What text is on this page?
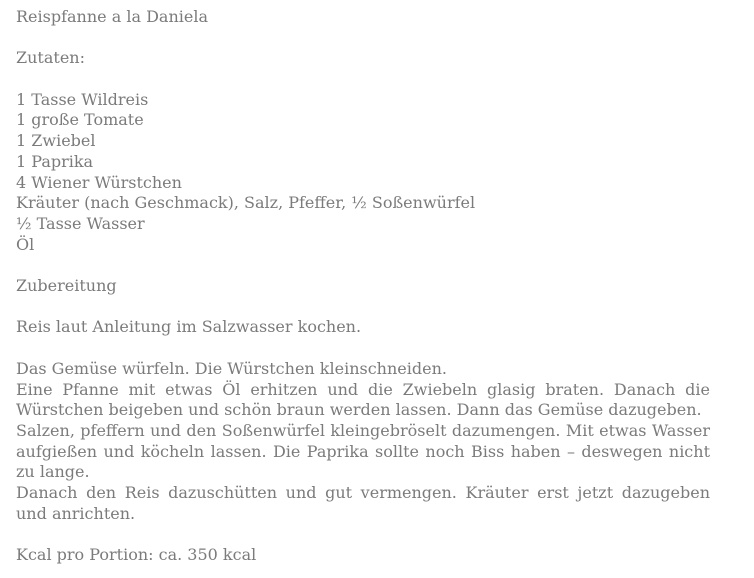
Reispfanne a la Daniela

Zutaten:

1 Tasse Wildreis

1 große Tomate

1 Zwiebel

1 Paprika

4 Wiener Würstchen

Kräuter (nach Geschmack), Salz, Pfeffer, ½ Soßenwürfel

½ Tasse Wasser

Öl

Zubereitung

Reis laut Anleitung im Salzwasser kochen.

Das Gemüse würfeln. Die Würstchen kleinschneiden.

Eine Pfanne mit etwas Öl erhitzen und die Zwiebeln glasig braten. Danach die Würstchen beigeben und schön braun werden lassen. Dann das Gemüse dazugeben.

Salzen, pfeffern und den Soßenwürfel kleingebröselt dazumengen. Mit etwas Wasser aufgießen und köcheln lassen. Die Paprika sollte noch Biss haben – deswegen nicht zu lange.

Danach den Reis dazuschütten und gut vermengen. Kräuter erst jetzt dazugeben und anrichten.

Kcal pro Portion: ca. 350 kcal
